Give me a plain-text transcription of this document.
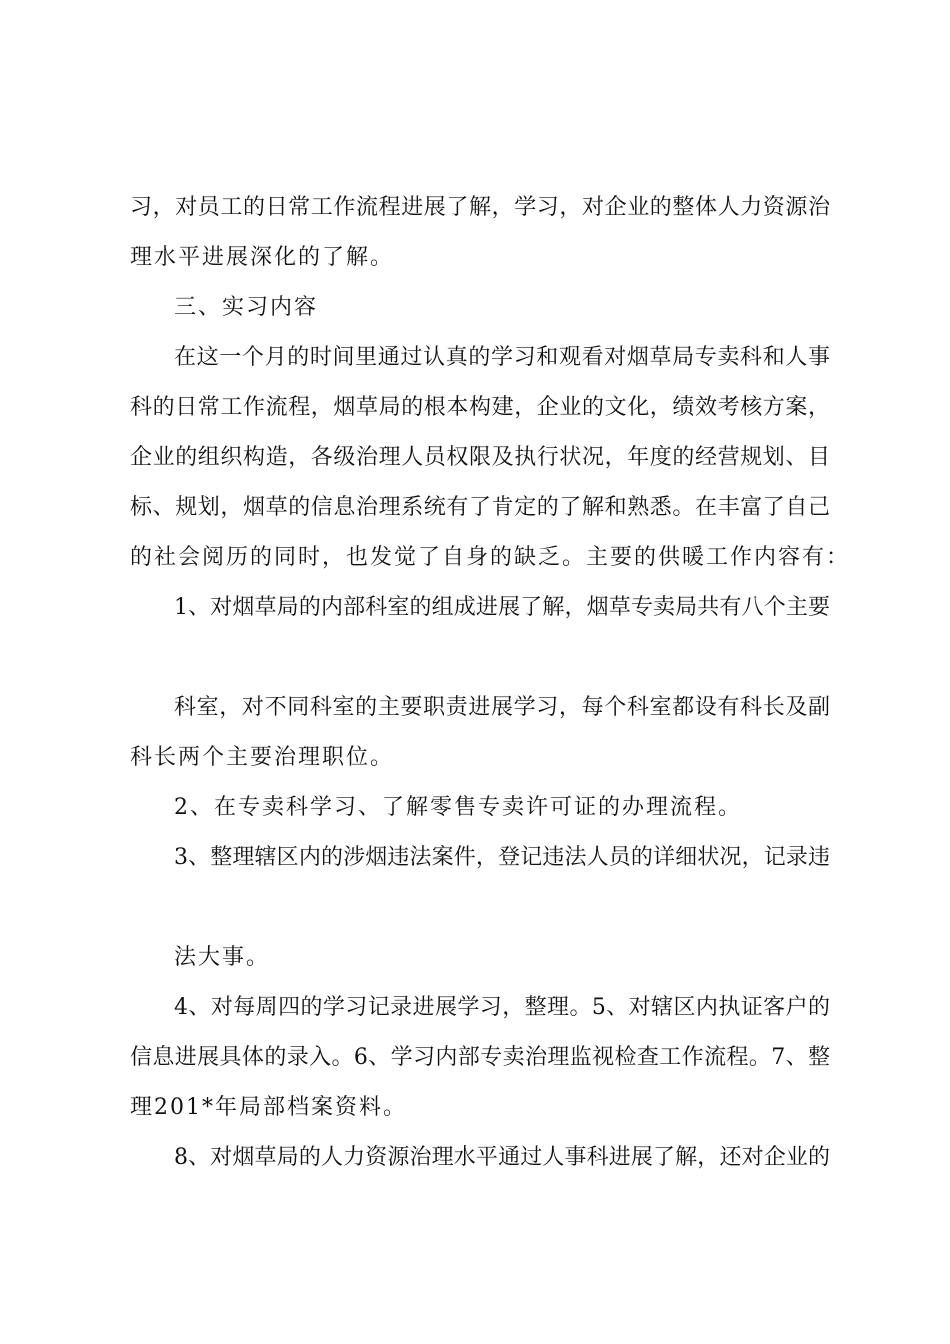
习，对员工的日常工作流程进展了解，学习，对企业的整体人力资源治
理水平进展深化的了解。
三、实习内容
在这一个月的时间里通过认真的学习和观看对烟草局专卖科和人事
科的日常工作流程，烟草局的根本构建，企业的文化，绩效考核方案，
企业的组织构造，各级治理人员权限及执行状况，年度的经营规划、目
标、规划，烟草的信息治理系统有了肯定的了解和熟悉。在丰富了自己
的社会阅历的同时，也发觉了自身的缺乏。主要的供暖工作内容有：
1、对烟草局的内部科室的组成进展了解，烟草专卖局共有八个主要
科室，对不同科室的主要职责进展学习，每个科室都设有科长及副
科长两个主要治理职位。
2、在专卖科学习、了解零售专卖许可证的办理流程。
3、整理辖区内的涉烟违法案件，登记违法人员的详细状况，记录违
法大事。
4、对每周四的学习记录进展学习，整理。5、对辖区内执证客户的
信息进展具体的录入。6、学习内部专卖治理监视检查工作流程。7、整
理201*年局部档案资料。
8、对烟草局的人力资源治理水平通过人事科进展了解，还对企业的
